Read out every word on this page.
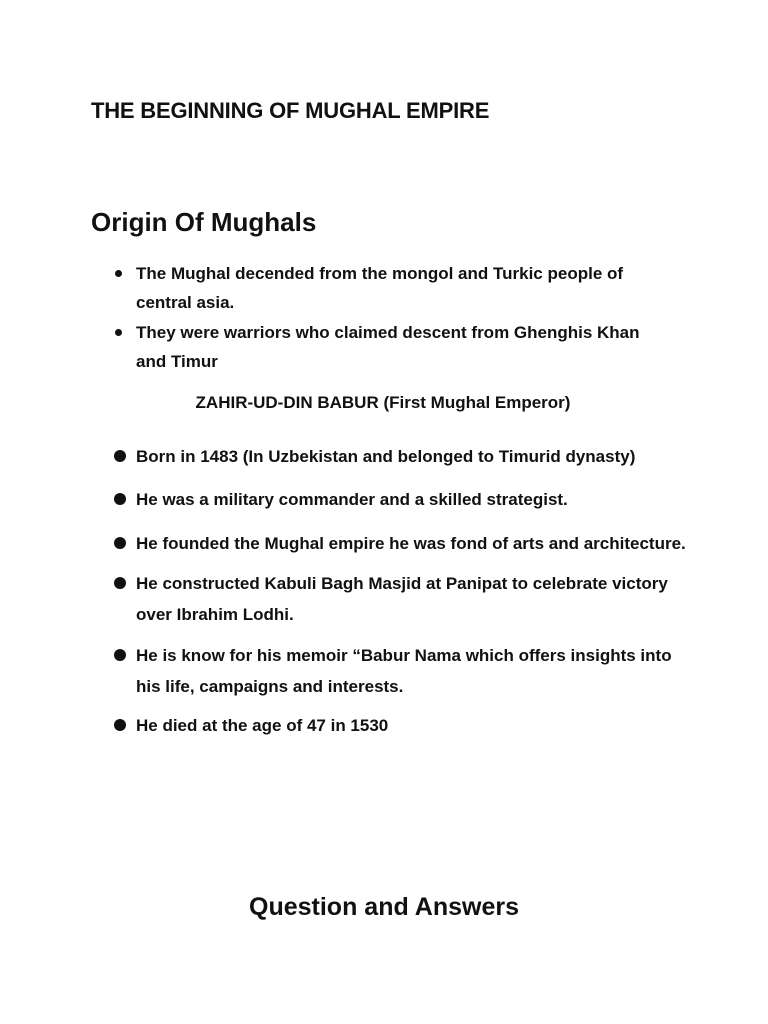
THE BEGINNING OF MUGHAL EMPIRE
Origin Of Mughals
The Mughal decended from the mongol and Turkic people of central asia.
They were warriors who claimed descent from Ghenghis Khan and Timur
ZAHIR-UD-DIN BABUR (First Mughal Emperor)
Born in 1483 (In Uzbekistan and belonged to Timurid dynasty)
He was a military commander and a skilled strategist.
He founded the Mughal empire he was fond of arts and architecture.
He constructed Kabuli Bagh Masjid at Panipat to celebrate victory over Ibrahim Lodhi.
He is know for his memoir “Babur Nama which offers insights into his life, campaigns and interests.
He died at the age of 47 in 1530
Question and Answers
